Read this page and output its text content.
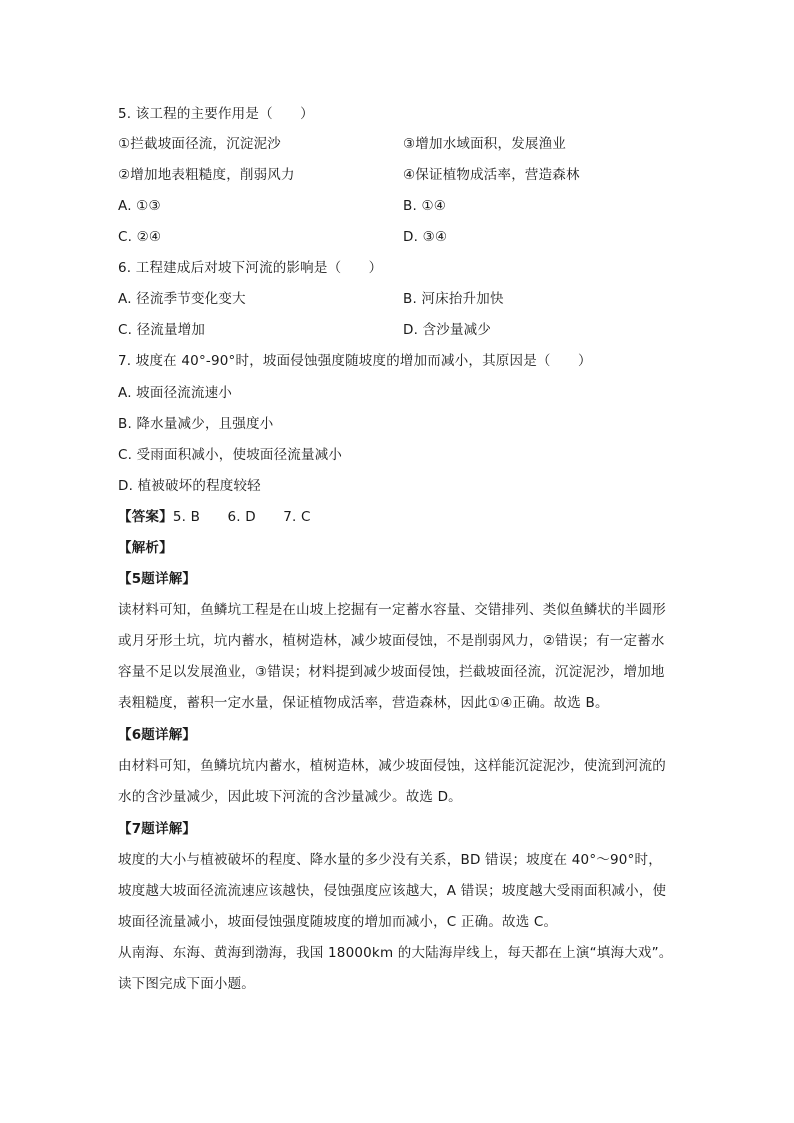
5. 该工程的主要作用是（　　）
①拦截坡面径流，沉淀泥沙	③增加水域面积，发展渔业
②增加地表粗糙度，削弱风力	④保证植物成活率，营造森林
A. ①③	B. ①④
C. ②④	D. ③④
6. 工程建成后对坡下河流的影响是（　　）
A. 径流季节变化变大	B. 河床抬升加快
C. 径流量增加	D. 含沙量减少
7. 坡度在 40°-90°时，坡面侵蚀强度随坡度的增加而减小，其原因是（　　）
A. 坡面径流流速小
B. 降水量减少，且强度小
C. 受雨面积减小，使坡面径流量减小
D. 植被破坏的程度较轻
【答案】5. B　　6. D　　7. C
【解析】
【5题详解】
读材料可知，鱼鳞坑工程是在山坡上挖掘有一定蓄水容量、交错排列、类似鱼鳞状的半圆形
或月牙形土坑，坑内蓄水，植树造林，减少坡面侵蚀，不是削弱风力，②错误；有一定蓄水
容量不足以发展渔业，③错误；材料提到减少坡面侵蚀，拦截坡面径流，沉淀泥沙，增加地
表粗糙度，蓄积一定水量，保证植物成活率，营造森林，因此①④正确。故选 B。
【6题详解】
由材料可知，鱼鳞坑坑内蓄水，植树造林，减少坡面侵蚀，这样能沉淀泥沙，使流到河流的
水的含沙量减少，因此坡下河流的含沙量减少。故选 D。
【7题详解】
坡度的大小与植被破坏的程度、降水量的多少没有关系，BD 错误；坡度在 40°～90°时，
坡度越大坡面径流流速应该越快，侵蚀强度应该越大，A 错误；坡度越大受雨面积减小，使
坡面径流量减小，坡面侵蚀强度随坡度的增加而减小，C 正确。故选 C。
从南海、东海、黄海到渤海，我国 18000km 的大陆海岸线上，每天都在上演“填海大戏”。
读下图完成下面小题。
